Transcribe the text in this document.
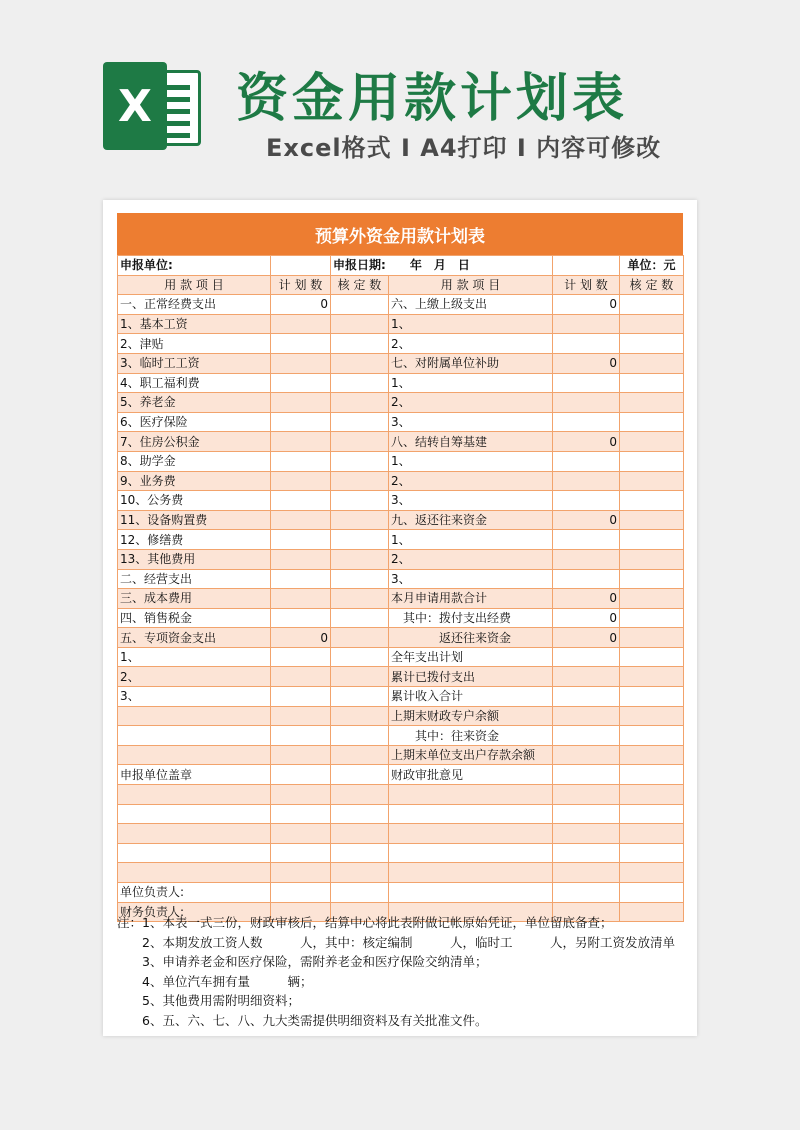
X 资金用款计划表
Excel格式 I A4打印 I 内容可修改
预算外资金用款计划表
申报单位:		申报日期:　　 年　月　日			单位：元
用 款 项 目	计 划 数	核 定 数	用 款 项 目	计 划 数	核 定 数
一、正常经费支出	0		六、上缴上级支出	0	
1、基本工资			1、		
2、津贴			2、		
3、临时工工资			七、对附属单位补助	0	
4、职工福利费			1、		
5、养老金			2、		
6、医疗保险			3、		
7、住房公积金			八、结转自筹基建	0	
8、助学金			1、		
9、业务费			2、		
10、公务费			3、		
11、设备购置费			九、返还往来资金	0	
12、修缮费			1、		
13、其他费用			2、		
二、经营支出			3、		
三、成本费用			本月申请用款合计	0	
四、销售税金			　其中：拨付支出经费	0	
五、专项资金支出	0		　　　　返还往来资金	0	
1、			全年支出计划		
2、			累计已拨付支出		
3、			累计收入合计		
			上期末财政专户余额		
			　　其中：往来资金		
			上期末单位支出户存款余额		
申报单位盖章			财政审批意见		

单位负责人:					
财务负责人:					
注：1、本表一式三份，财政审核后，结算中心将此表附做记帐原始凭证，单位留底备查；
　　2、本期发放工资人数　　　人，其中：核定编制　　　人，临时工　　　人，另附工资发放清单
　　3、申请养老金和医疗保险，需附养老金和医疗保险交纳清单；
　　4、单位汽车拥有量　　　辆；
　　5、其他费用需附明细资料；
　　6、五、六、七、八、九大类需提供明细资料及有关批准文件。
